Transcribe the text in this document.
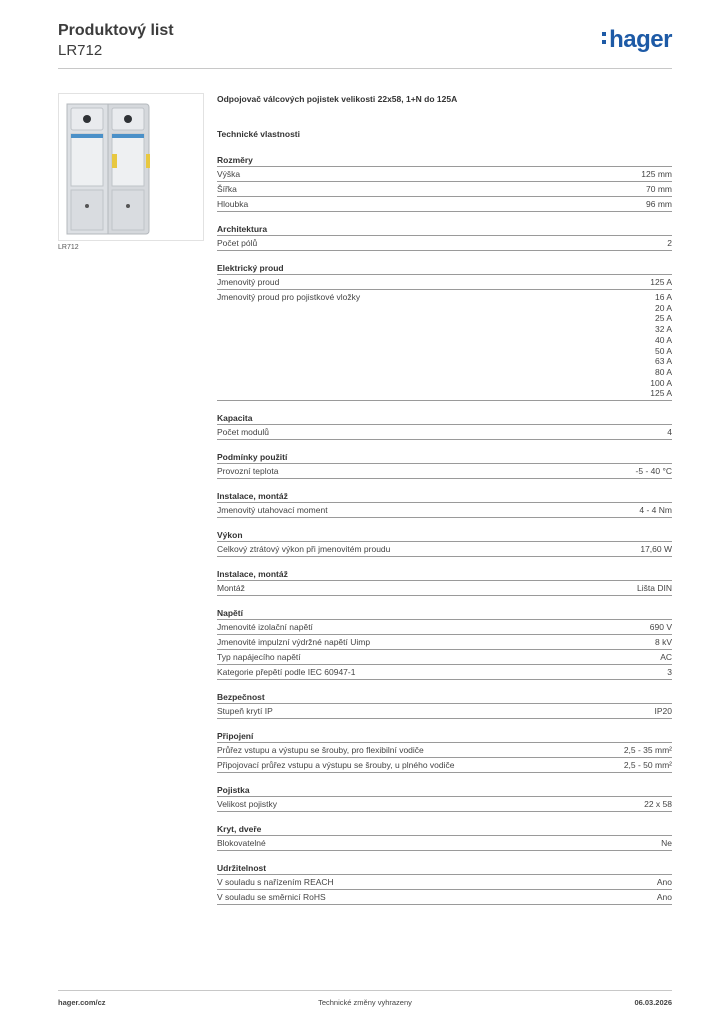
Produktový list
LR712	hager
LR712
Odpojovač válcových pojistek velikosti 22x58, 1+N do 125A
Technické vlastnosti
Rozměry
Výška	125 mm
Šířka	70 mm
Hloubka	96 mm
Architektura
Počet pólů	2
Elektrický proud
Jmenovitý proud	125 A
Jmenovitý proud pro pojistkové vložky	16 A
20 A
25 A
32 A
40 A
50 A
63 A
80 A
100 A
125 A
Kapacita
Počet modulů	4
Podmínky použití
Provozní teplota	-5 - 40 °C
Instalace, montáž
Jmenovitý utahovací moment	4 - 4 Nm
Výkon
Celkový ztrátový výkon při jmenovitém proudu	17,60 W
Instalace, montáž
Montáž	Lišta DIN
Napětí
Jmenovité izolační napětí	690 V
Jmenovité impulzní výdržné napětí Uimp	8 kV
Typ napájecího napětí	AC
Kategorie přepětí podle IEC 60947-1	3
Bezpečnost
Stupeň krytí IP	IP20
Připojení
Průřez vstupu a výstupu se šrouby, pro flexibilní vodiče	2,5 - 35 mm²
Připojovací průřez vstupu a výstupu se šrouby, u plného vodiče	2,5 - 50 mm²
Pojistka
Velikost pojistky	22 x 58
Kryt, dveře
Blokovatelné	Ne
Udržitelnost
V souladu s nařízením REACH	Ano
V souladu se směrnicí RoHS	Ano
hager.com/cz	Technické změny vyhrazeny	06.03.2026
